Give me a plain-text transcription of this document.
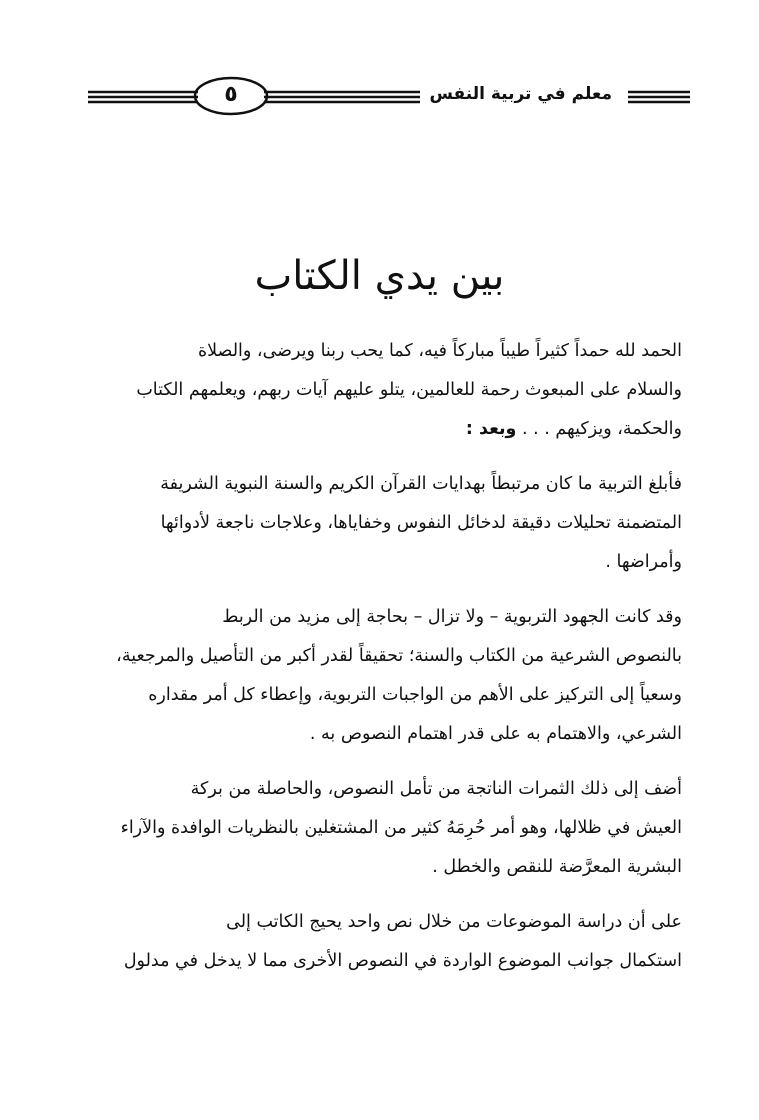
٥	معلم في تربية النفس
بين يدي الكتاب

الحمد لله حمداً كثيراً طيباً مباركاً فيه، كما يحب ربنا ويرضى، والصلاة
والسلام على المبعوث رحمة للعالمين، يتلو عليهم آيات ربهم، ويعلمهم الكتاب
والحكمة، ويزكيهم . . . وبعد :

فأبلغ التربية ما كان مرتبطاً بهدايات القرآن الكريم والسنة النبوية الشريفة
المتضمنة تحليلات دقيقة لدخائل النفوس وخفاياها، وعلاجات ناجعة لأدوائها
وأمراضها .

وقد كانت الجهود التربوية – ولا تزال – بحاجة إلى مزيد من الربط
بالنصوص الشرعية من الكتاب والسنة؛ تحقيقاً لقدر أكبر من التأصيل والمرجعية،
وسعياً إلى التركيز على الأهم من الواجبات التربوية، وإعطاء كل أمر مقداره
الشرعي، والاهتمام به على قدر اهتمام النصوص به .

أضف إلى ذلك الثمرات الناتجة من تأمل النصوص، والحاصلة من بركة
العيش في ظلالها، وهو أمر حُرِمَهُ كثير من المشتغلين بالنظريات الوافدة والآراء
البشرية المعرَّضة للنقص والخطل .

على أن دراسة الموضوعات من خلال نص واحد يحيج الكاتب إلى
استكمال جوانب الموضوع الواردة في النصوص الأخرى مما لا يدخل في مدلول
